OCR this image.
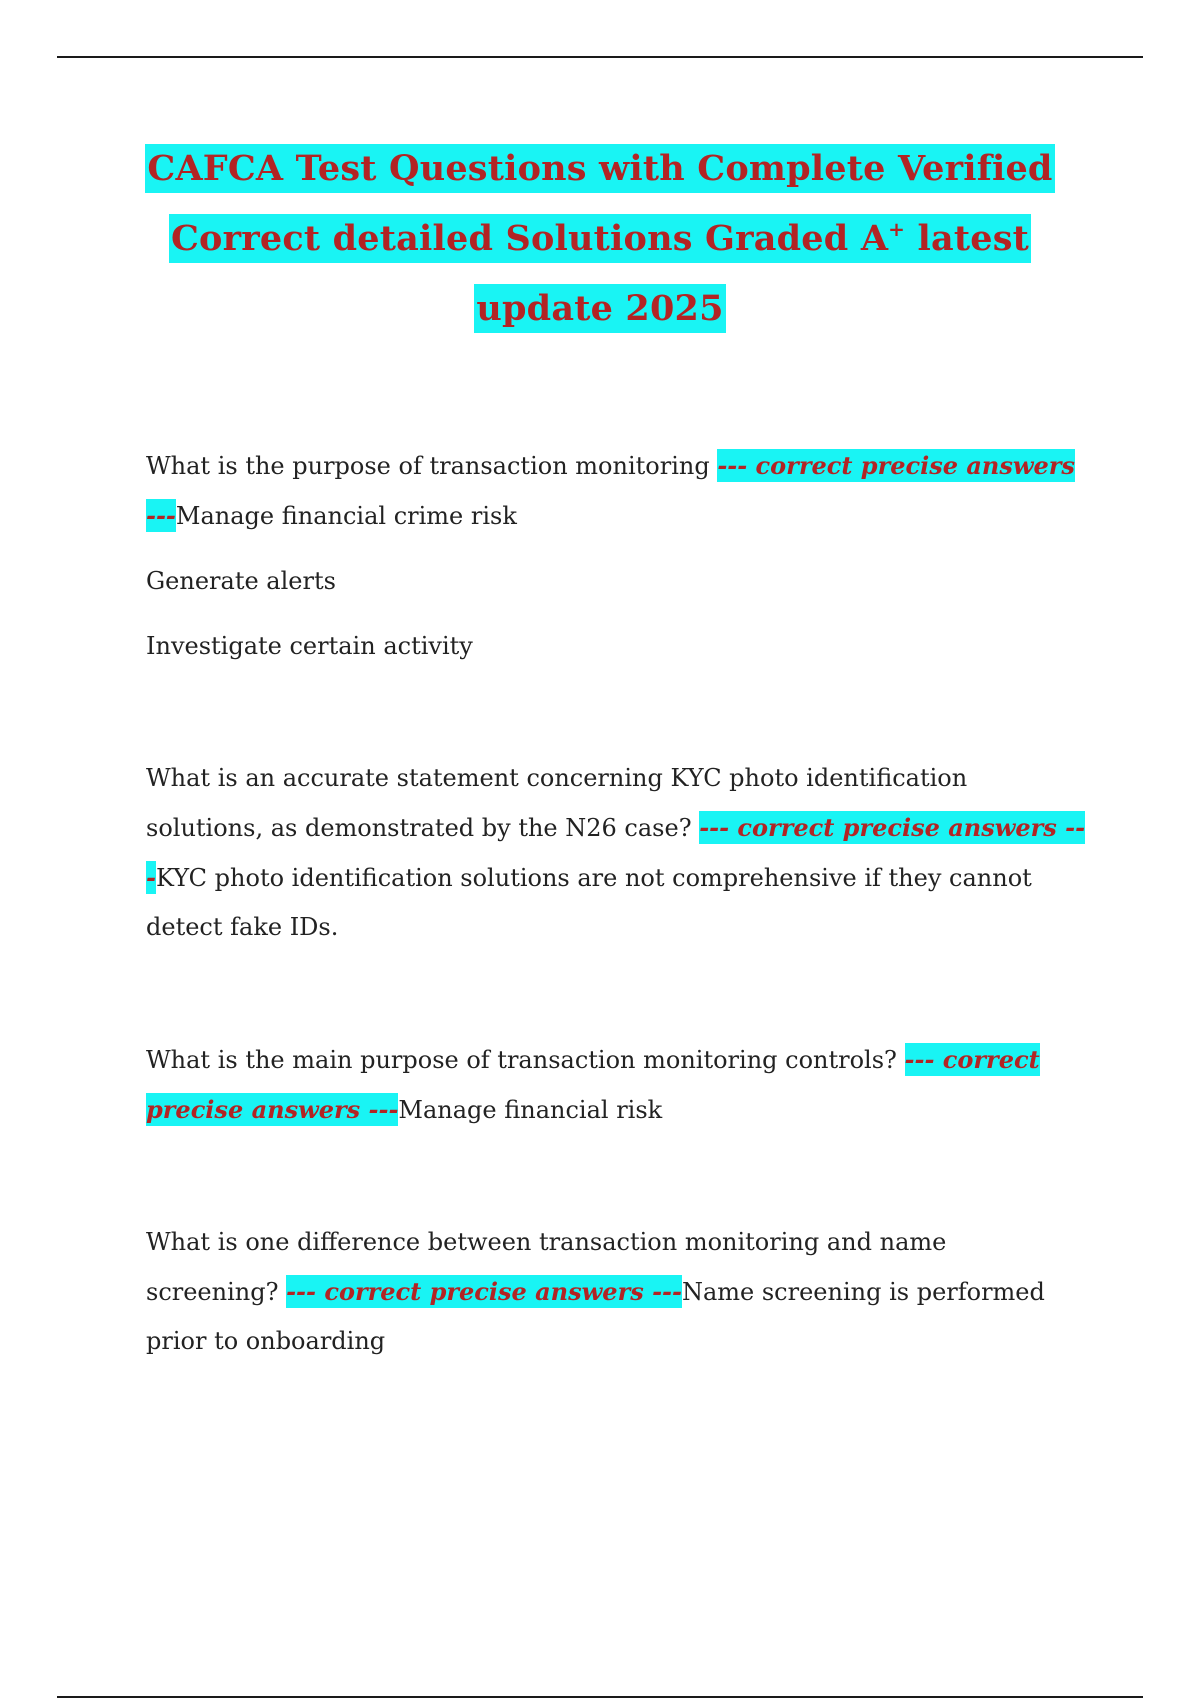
CAFCA Test Questions with Complete Verified
Correct detailed Solutions Graded A+ latest
update 2025

What is the purpose of transaction monitoring --- correct precise answers ---Manage financial crime risk

Generate alerts

Investigate certain activity

What is an accurate statement concerning KYC photo identification solutions, as demonstrated by the N26 case? --- correct precise answers ---KYC photo identification solutions are not comprehensive if they cannot detect fake IDs.

What is the main purpose of transaction monitoring controls? --- correct precise answers ---Manage financial risk

What is one difference between transaction monitoring and name screening? --- correct precise answers ---Name screening is performed prior to onboarding
